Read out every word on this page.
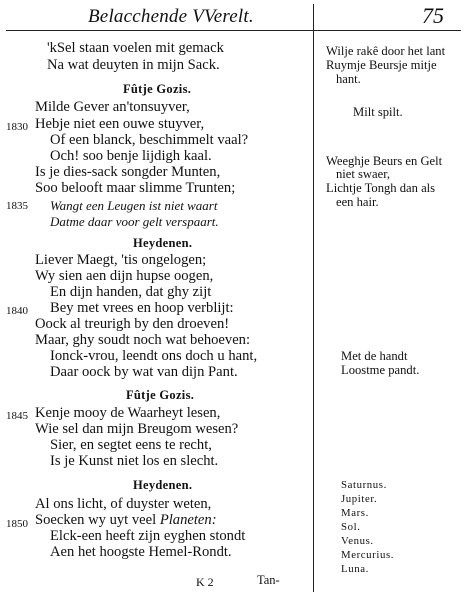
Belacchende VVerelt.	75
'kSel staan voelen mit gemack
Na wat deuyten in mijn Sack.
Fûtje Gozis.
Milde Gever an'tonsuyver,
1830 Hebje niet een ouwe stuyver,
Of een blanck, beschimmelt vaal?
Och! soo benje lijdigh kaal.
Is je dies-sack songder Munten,
Soo belooft maar slimme Trunten;
1835 Wangt een Leugen ist niet waart
Datme daar voor gelt verspaart.
Heydenen.
Liever Maegt, 'tis ongelogen;
Wy sien aen dijn hupse oogen,
En dijn handen, dat ghy zijt
1840 Bey met vrees en hoop verblijt:
Oock al treurigh by den droeven!
Maar, ghy soudt noch wat behoeven:
Ionck-vrou, leendt ons doch u hant,
Daar oock by wat van dijn Pant.
Fûtje Gozis.
1845 Kenje mooy de Waarheyt lesen,
Wie sel dan mijn Breugom wesen?
Sier, en segtet eens te recht,
Is je Kunst niet los en slecht.
Heydenen.
Al ons licht, of duyster weten,
1850 Soecken wy uyt veel Planeten:
Elck-een heeft zijn eyghen stondt
Aen het hoogste Hemel-Rondt.
Wilje rakê door het lant
Ruymje Beursje mitje
hant.
Milt spilt.
Weeghje Beurs en Gelt
niet swaer,
Lichtje Tongh dan als
een hair.
Met de handt
Loostme pandt.
Saturnus.
Jupiter.
Mars.
Sol.
Venus.
Mercurius.
Luna.
K 2	Tan-
